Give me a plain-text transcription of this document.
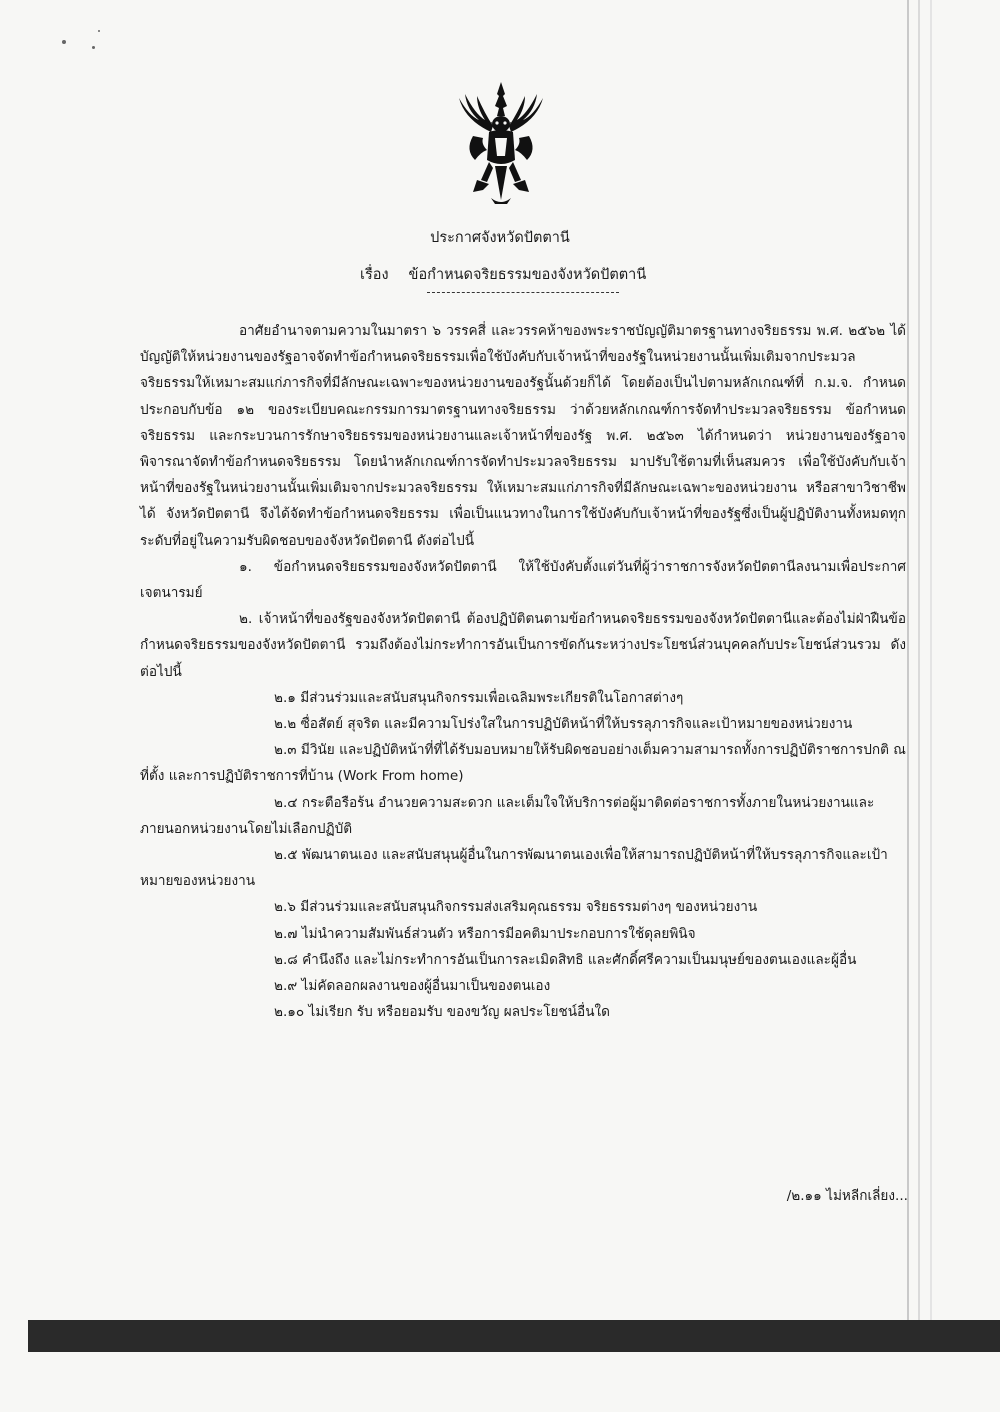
ประกาศจังหวัดปัตตานี
เรื่อง ข้อกำหนดจริยธรรมของจังหวัดปัตตานี

อาศัยอำนาจตามความในมาตรา ๖ วรรคสี่ และวรรคห้าของพระราชบัญญัติมาตรฐานทางจริยธรรม พ.ศ. ๒๕๖๒ ได้บัญญัติให้หน่วยงานของรัฐอาจจัดทำข้อกำหนดจริยธรรมเพื่อใช้บังคับกับเจ้าหน้าที่ของรัฐในหน่วยงานนั้นเพิ่มเติมจากประมวลจริยธรรมให้เหมาะสมแก่ภารกิจที่มีลักษณะเฉพาะของหน่วยงานของรัฐนั้นด้วยก็ได้ โดยต้องเป็นไปตามหลักเกณฑ์ที่ ก.ม.จ. กำหนด ประกอบกับข้อ ๑๒ ของระเบียบคณะกรรมการมาตรฐานทางจริยธรรม ว่าด้วยหลักเกณฑ์การจัดทำประมวลจริยธรรม ข้อกำหนดจริยธรรม และกระบวนการรักษาจริยธรรมของหน่วยงานและเจ้าหน้าที่ของรัฐ พ.ศ. ๒๕๖๓ ได้กำหนดว่า หน่วยงานของรัฐอาจพิจารณาจัดทำข้อกำหนดจริยธรรม โดยนำหลักเกณฑ์การจัดทำประมวลจริยธรรม มาปรับใช้ตามที่เห็นสมควร เพื่อใช้บังคับกับเจ้าหน้าที่ของรัฐในหน่วยงานนั้นเพิ่มเติมจากประมวลจริยธรรม ให้เหมาะสมแก่ภารกิจที่มีลักษณะเฉพาะของหน่วยงาน หรือสาขาวิชาชีพได้ จังหวัดปัตตานี จึงได้จัดทำข้อกำหนดจริยธรรม เพื่อเป็นแนวทางในการใช้บังคับกับเจ้าหน้าที่ของรัฐซึ่งเป็นผู้ปฏิบัติงานทั้งหมดทุกระดับที่อยู่ในความรับผิดชอบของจังหวัดปัตตานี ดังต่อไปนี้

๑. ข้อกำหนดจริยธรรมของจังหวัดปัตตานี ให้ใช้บังคับตั้งแต่วันที่ผู้ว่าราชการจังหวัดปัตตานีลงนามเพื่อประกาศเจตนารมย์

๒. เจ้าหน้าที่ของรัฐของจังหวัดปัตตานี ต้องปฏิบัติตนตามข้อกำหนดจริยธรรมของจังหวัดปัตตานีและต้องไม่ฝ่าฝืนข้อกำหนดจริยธรรมของจังหวัดปัตตานี รวมถึงต้องไม่กระทำการอันเป็นการขัดกันระหว่างประโยชน์ส่วนบุคคลกับประโยชน์ส่วนรวม ดังต่อไปนี้

๒.๑ มีส่วนร่วมและสนับสนุนกิจกรรมเพื่อเฉลิมพระเกียรติในโอกาสต่างๆ

๒.๒ ซื่อสัตย์ สุจริต และมีความโปร่งใสในการปฏิบัติหน้าที่ให้บรรลุภารกิจและเป้าหมายของหน่วยงาน

๒.๓ มีวินัย และปฏิบัติหน้าที่ที่ได้รับมอบหมายให้รับผิดชอบอย่างเต็มความสามารถทั้งการปฏิบัติราชการปกติ ณ ที่ตั้ง และการปฏิบัติราชการที่บ้าน (Work From home)

๒.๔ กระตือรือร้น อำนวยความสะดวก และเต็มใจให้บริการต่อผู้มาติดต่อราชการทั้งภายในหน่วยงานและภายนอกหน่วยงานโดยไม่เลือกปฏิบัติ

๒.๕ พัฒนาตนเอง และสนับสนุนผู้อื่นในการพัฒนาตนเองเพื่อให้สามารถปฏิบัติหน้าที่ให้บรรลุภารกิจและเป้าหมายของหน่วยงาน

๒.๖ มีส่วนร่วมและสนับสนุนกิจกรรมส่งเสริมคุณธรรม จริยธรรมต่างๆ ของหน่วยงาน

๒.๗ ไม่นำความสัมพันธ์ส่วนตัว หรือการมีอคติมาประกอบการใช้ดุลยพินิจ

๒.๘ คำนึงถึง และไม่กระทำการอันเป็นการละเมิดสิทธิ และศักดิ์ศรีความเป็นมนุษย์ของตนเองและผู้อื่น

๒.๙ ไม่คัดลอกผลงานของผู้อื่นมาเป็นของตนเอง

๒.๑๐ ไม่เรียก รับ หรือยอมรับ ของขวัญ ผลประโยชน์อื่นใด

/๒.๑๑ ไม่หลีกเลี่ยง...
